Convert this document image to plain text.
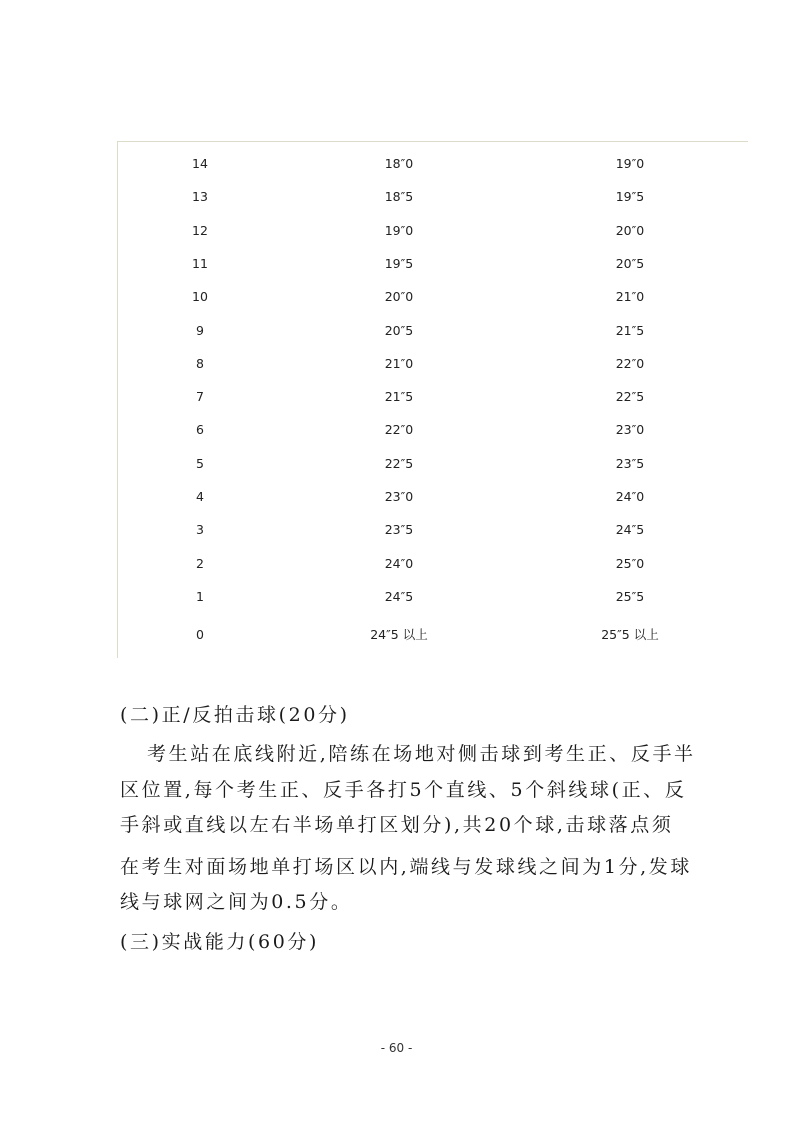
14	18″0	19″0
13	18″5	19″5
12	19″0	20″0
11	19″5	20″5
10	20″0	21″0
9	20″5	21″5
8	21″0	22″0
7	21″5	22″5
6	22″0	23″0
5	22″5	23″5
4	23″0	24″0
3	23″5	24″5
2	24″0	25″0
1	24″5	25″5
0	24″5 以上	25″5 以上
(二)正/反拍击球(20分)
考生站在底线附近,陪练在场地对侧击球到考生正、反手半
区位置,每个考生正、反手各打5个直线、5个斜线球(正、反
手斜或直线以左右半场单打区划分),共20个球,击球落点须
在考生对面场地单打场区以内,端线与发球线之间为1分,发球
线与球网之间为0.5分。
(三)实战能力(60分)
- 60 -
